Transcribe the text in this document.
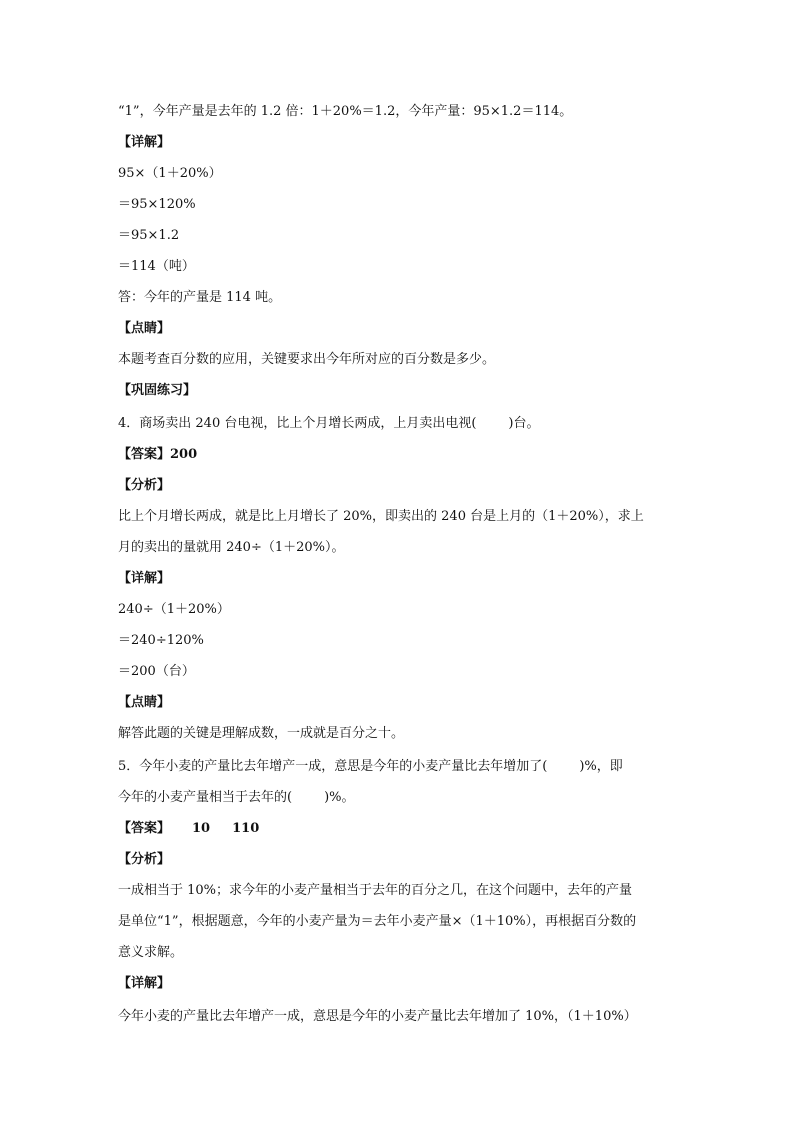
“1”，今年产量是去年的 1.2 倍：1＋20%＝1.2，今年产量：95×1.2＝114。
【详解】
95×（1＋20%）
＝95×120%
＝95×1.2
＝114（吨）
答：今年的产量是 114 吨。
【点睛】
本题考查百分数的应用，关键要求出今年所对应的百分数是多少。
【巩固练习】
4．商场卖出 240 台电视，比上个月增长两成，上月卖出电视( )台。
【答案】200
【分析】
比上个月增长两成，就是比上月增长了 20%，即卖出的 240 台是上月的（1＋20%），求上
月的卖出的量就用 240÷（1＋20%）。
【详解】
240÷（1＋20%）
＝240÷120%
＝200（台）
【点睛】
解答此题的关键是理解成数，一成就是百分之十。
5．今年小麦的产量比去年增产一成，意思是今年的小麦产量比去年增加了( )%，即
今年的小麦产量相当于去年的( )%。
【答案】 10 110
【分析】
一成相当于 10%；求今年的小麦产量相当于去年的百分之几，在这个问题中，去年的产量
是单位“1”，根据题意，今年的小麦产量为＝去年小麦产量×（1＋10%），再根据百分数的
意义求解。
【详解】
今年小麦的产量比去年增产一成，意思是今年的小麦产量比去年增加了 10%，（1＋10%）
